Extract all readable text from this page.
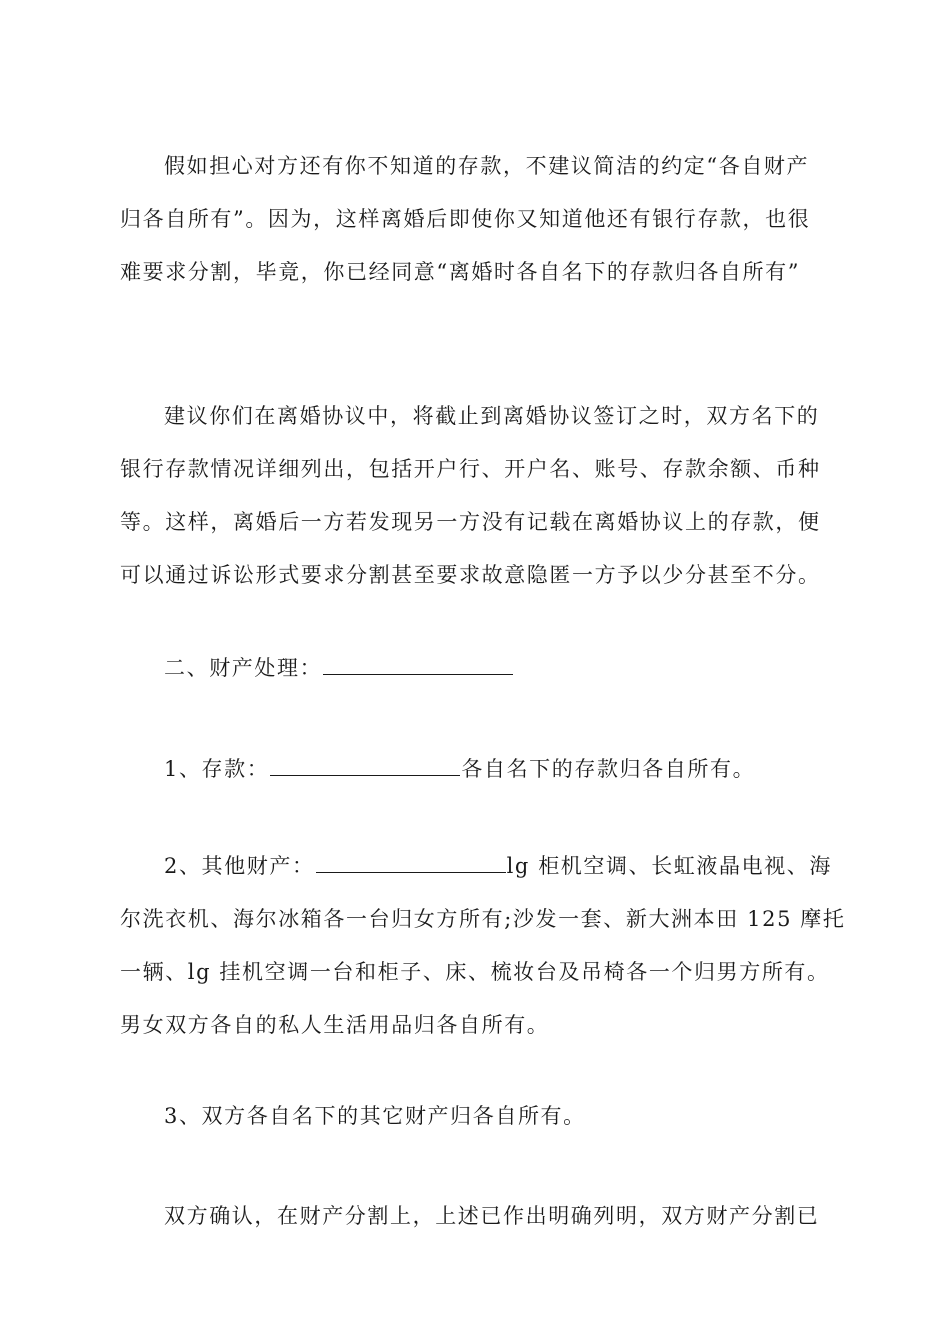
假如担心对方还有你不知道的存款，不建议简洁的约定“各自财产
归各自所有”。因为，这样离婚后即使你又知道他还有银行存款，也很
难要求分割，毕竟，你已经同意“离婚时各自名下的存款归各自所有”
建议你们在离婚协议中，将截止到离婚协议签订之时，双方名下的
银行存款情况详细列出，包括开户行、开户名、账号、存款余额、币种
等。这样，离婚后一方若发现另一方没有记载在离婚协议上的存款，便
可以通过诉讼形式要求分割甚至要求故意隐匿一方予以少分甚至不分。
二、财产处理：
1、存款：	各自名下的存款归各自所有。
2、其他财产：	lg 柜机空调、长虹液晶电视、海
尔洗衣机、海尔冰箱各一台归女方所有;沙发一套、新大洲本田 125 摩托
一辆、lg 挂机空调一台和柜子、床、梳妆台及吊椅各一个归男方所有。
男女双方各自的私人生活用品归各自所有。
3、双方各自名下的其它财产归各自所有。
双方确认，在财产分割上，上述已作出明确列明，双方财产分割已
